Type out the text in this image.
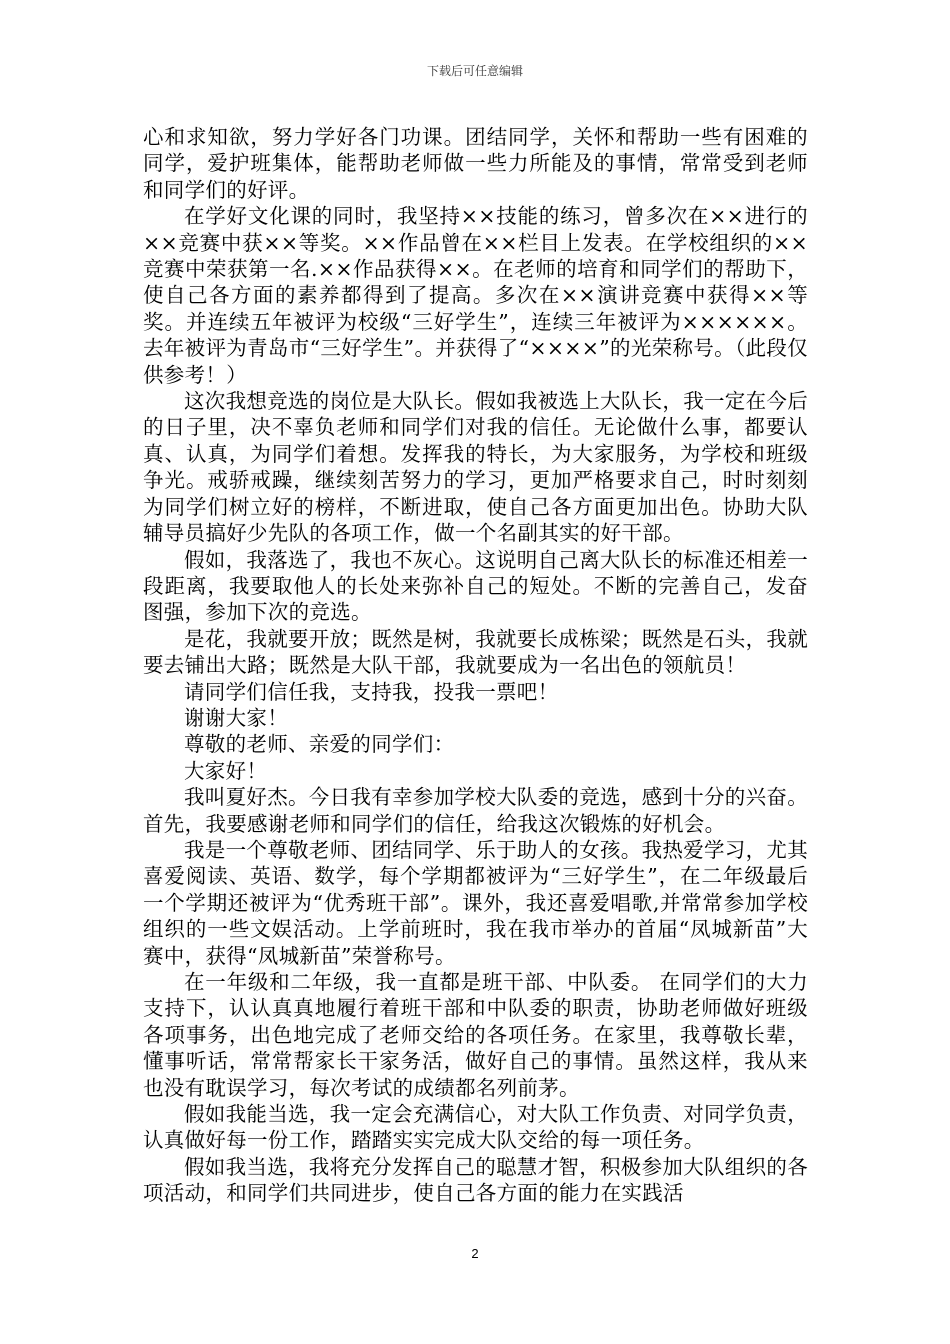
下载后可任意编辑

心和求知欲，努力学好各门功课。团结同学，关怀和帮助一些有困难的同学，爱护班集体，能帮助老师做一些力所能及的事情，常常受到老师和同学们的好评。

在学好文化课的同时，我坚持××技能的练习，曾多次在××进行的××竞赛中获××等奖。××作品曾在××栏目上发表。在学校组织的××竞赛中荣获第一名.××作品获得××。在老师的培育和同学们的帮助下，使自己各方面的素养都得到了提高。多次在××演讲竞赛中获得××等奖。并连续五年被评为校级“三好学生”，连续三年被评为××××××。去年被评为青岛市“三好学生”。并获得了“××××”的光荣称号。（此段仅供参考！）

这次我想竞选的岗位是大队长。假如我被选上大队长，我一定在今后的日子里，决不辜负老师和同学们对我的信任。无论做什么事，都要认真、认真，为同学们着想。发挥我的特长，为大家服务，为学校和班级争光。戒骄戒躁，继续刻苦努力的学习，更加严格要求自己，时时刻刻为同学们树立好的榜样，不断进取，使自己各方面更加出色。协助大队辅导员搞好少先队的各项工作，做一个名副其实的好干部。

假如，我落选了，我也不灰心。这说明自己离大队长的标准还相差一段距离，我要取他人的长处来弥补自己的短处。不断的完善自己，发奋图强，参加下次的竞选。

是花，我就要开放；既然是树，我就要长成栋梁；既然是石头，我就要去铺出大路；既然是大队干部，我就要成为一名出色的领航员！

请同学们信任我，支持我，投我一票吧！

谢谢大家！

尊敬的老师、亲爱的同学们：

大家好！

我叫夏好杰。今日我有幸参加学校大队委的竞选，感到十分的兴奋。首先，我要感谢老师和同学们的信任，给我这次锻炼的好机会。

我是一个尊敬老师、团结同学、乐于助人的女孩。我热爱学习，尤其喜爱阅读、英语、数学，每个学期都被评为“三好学生”，在二年级最后一个学期还被评为“优秀班干部”。课外，我还喜爱唱歌,并常常参加学校组织的一些文娱活动。上学前班时，我在我市举办的首届“凤城新苗”大赛中，获得“凤城新苗”荣誉称号。

在一年级和二年级，我一直都是班干部、中队委。 在同学们的大力支持下，认认真真地履行着班干部和中队委的职责，协助老师做好班级各项事务，出色地完成了老师交给的各项任务。在家里，我尊敬长辈，懂事听话，常常帮家长干家务活，做好自己的事情。虽然这样，我从来也没有耽误学习，每次考试的成绩都名列前茅。

假如我能当选，我一定会充满信心，对大队工作负责、对同学负责，认真做好每一份工作，踏踏实实完成大队交给的每一项任务。

假如我当选，我将充分发挥自己的聪慧才智，积极参加大队组织的各项活动，和同学们共同进步，使自己各方面的能力在实践活

2
